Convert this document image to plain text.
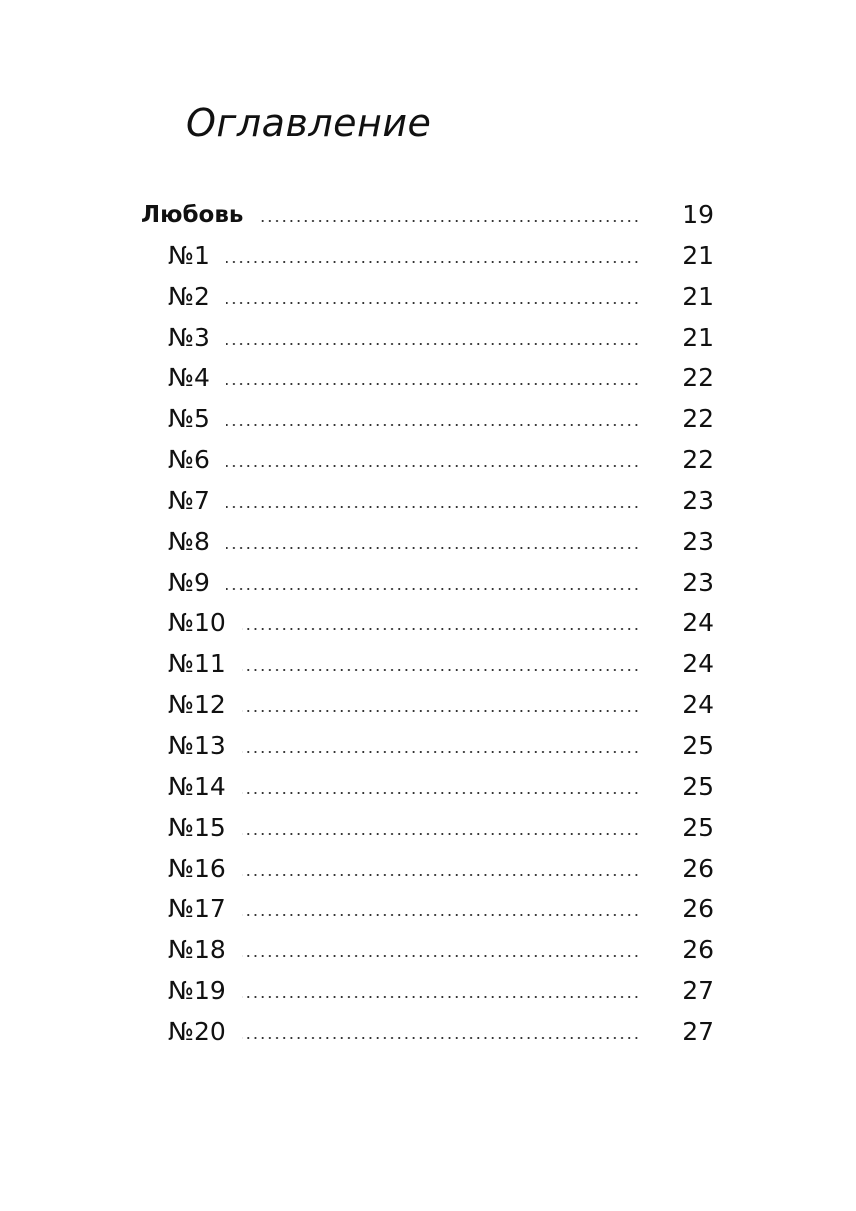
Оглавление
Любовь	19
№1	21
№2	21
№3	21
№4	22
№5	22
№6	22
№7	23
№8	23
№9	23
№10	24
№11	24
№12	24
№13	25
№14	25
№15	25
№16	26
№17	26
№18	26
№19	27
№20	27
